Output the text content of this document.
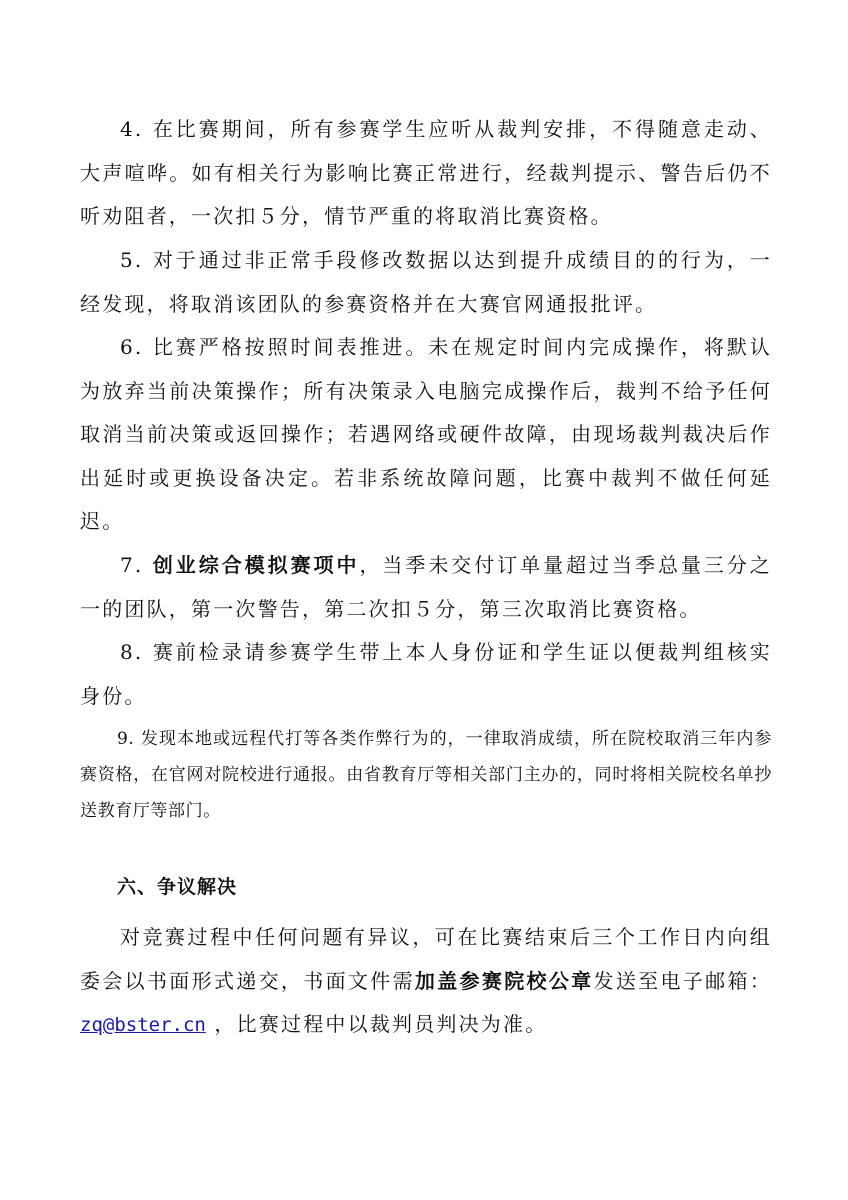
4. 在比赛期间，所有参赛学生应听从裁判安排，不得随意走动、大声喧哗。如有相关行为影响比赛正常进行，经裁判提示、警告后仍不听劝阻者，一次扣５分，情节严重的将取消比赛资格。

5. 对于通过非正常手段修改数据以达到提升成绩目的的行为，一经发现，将取消该团队的参赛资格并在大赛官网通报批评。

6. 比赛严格按照时间表推进。未在规定时间内完成操作，将默认为放弃当前决策操作；所有决策录入电脑完成操作后，裁判不给予任何取消当前决策或返回操作；若遇网络或硬件故障，由现场裁判裁决后作出延时或更换设备决定。若非系统故障问题，比赛中裁判不做任何延迟。

7. 创业综合模拟赛项中，当季未交付订单量超过当季总量三分之一的团队，第一次警告，第二次扣５分，第三次取消比赛资格。

8. 赛前检录请参赛学生带上本人身份证和学生证以便裁判组核实身份。

9. 发现本地或远程代打等各类作弊行为的，一律取消成绩，所在院校取消三年内参赛资格，在官网对院校进行通报。由省教育厅等相关部门主办的，同时将相关院校名单抄送教育厅等部门。

六、争议解决

对竞赛过程中任何问题有异议，可在比赛结束后三个工作日内向组委会以书面形式递交，书面文件需加盖参赛院校公章发送至电子邮箱：zq@bster.cn ，比赛过程中以裁判员判决为准。
